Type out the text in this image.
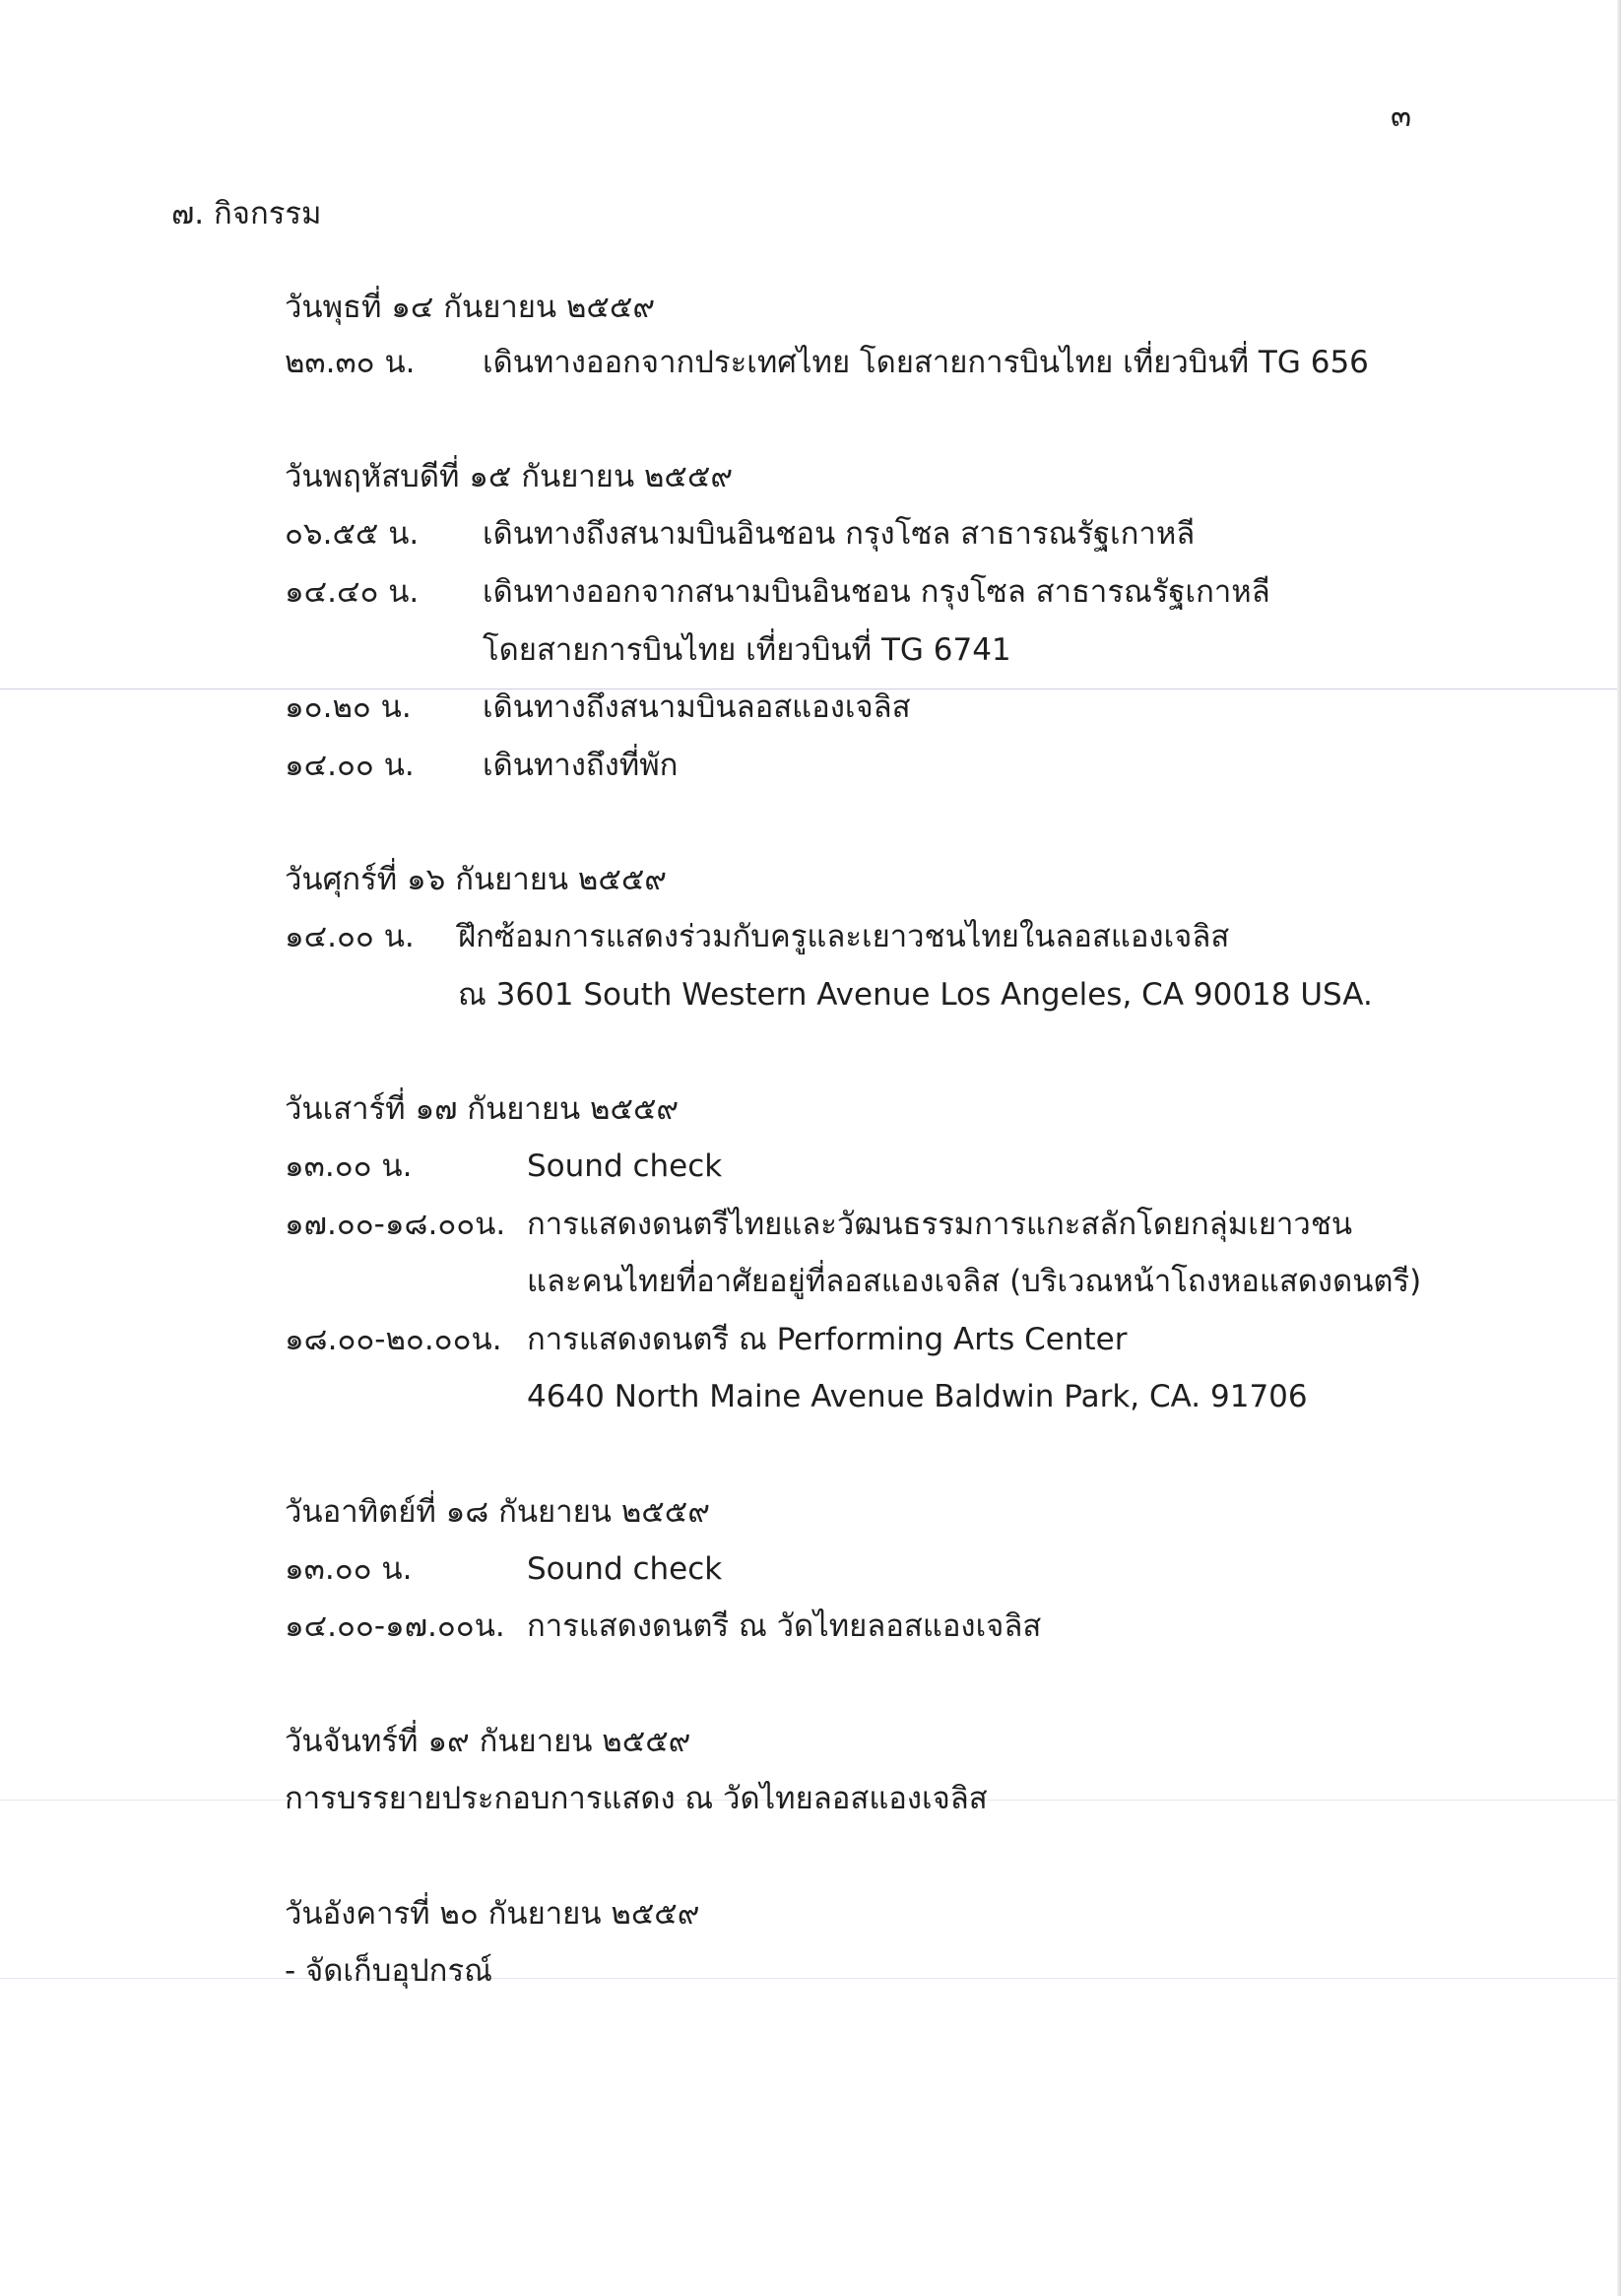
๓
๗. กิจกรรม
วันพุธที่ ๑๔ กันยายน ๒๕๕๙
๒๓.๓๐ น. เดินทางออกจากประเทศไทย โดยสายการบินไทย เที่ยวบินที่ TG 656
วันพฤหัสบดีที่ ๑๕ กันยายน ๒๕๕๙
๐๖.๕๕ น. เดินทางถึงสนามบินอินชอน กรุงโซล สาธารณรัฐเกาหลี
๑๔.๔๐ น. เดินทางออกจากสนามบินอินชอน กรุงโซล สาธารณรัฐเกาหลี
โดยสายการบินไทย เที่ยวบินที่ TG 6741
๑๐.๒๐ น. เดินทางถึงสนามบินลอสแองเจลิส
๑๔.๐๐ น. เดินทางถึงที่พัก
วันศุกร์ที่ ๑๖ กันยายน ๒๕๕๙
๑๔.๐๐ น. ฝึกซ้อมการแสดงร่วมกับครูและเยาวชนไทยในลอสแองเจลิส
ณ 3601 South Western Avenue Los Angeles, CA 90018 USA.
วันเสาร์ที่ ๑๗ กันยายน ๒๕๕๙
๑๓.๐๐ น.	Sound check
๑๗.๐๐-๑๘.๐๐น. การแสดงดนตรีไทยและวัฒนธรรมการแกะสลักโดยกลุ่มเยาวชน
และคนไทยที่อาศัยอยู่ที่ลอสแองเจลิส (บริเวณหน้าโถงหอแสดงดนตรี)
๑๘.๐๐-๒๐.๐๐น. การแสดงดนตรี ณ Performing Arts Center
4640 North Maine Avenue Baldwin Park, CA. 91706
วันอาทิตย์ที่ ๑๘ กันยายน ๒๕๕๙
๑๓.๐๐ น.	Sound check
๑๔.๐๐-๑๗.๐๐น. การแสดงดนตรี ณ วัดไทยลอสแองเจลิส
วันจันทร์ที่ ๑๙ กันยายน ๒๕๕๙
การบรรยายประกอบการแสดง ณ วัดไทยลอสแองเจลิส
วันอังคารที่ ๒๐ กันยายน ๒๕๕๙
- จัดเก็บอุปกรณ์
